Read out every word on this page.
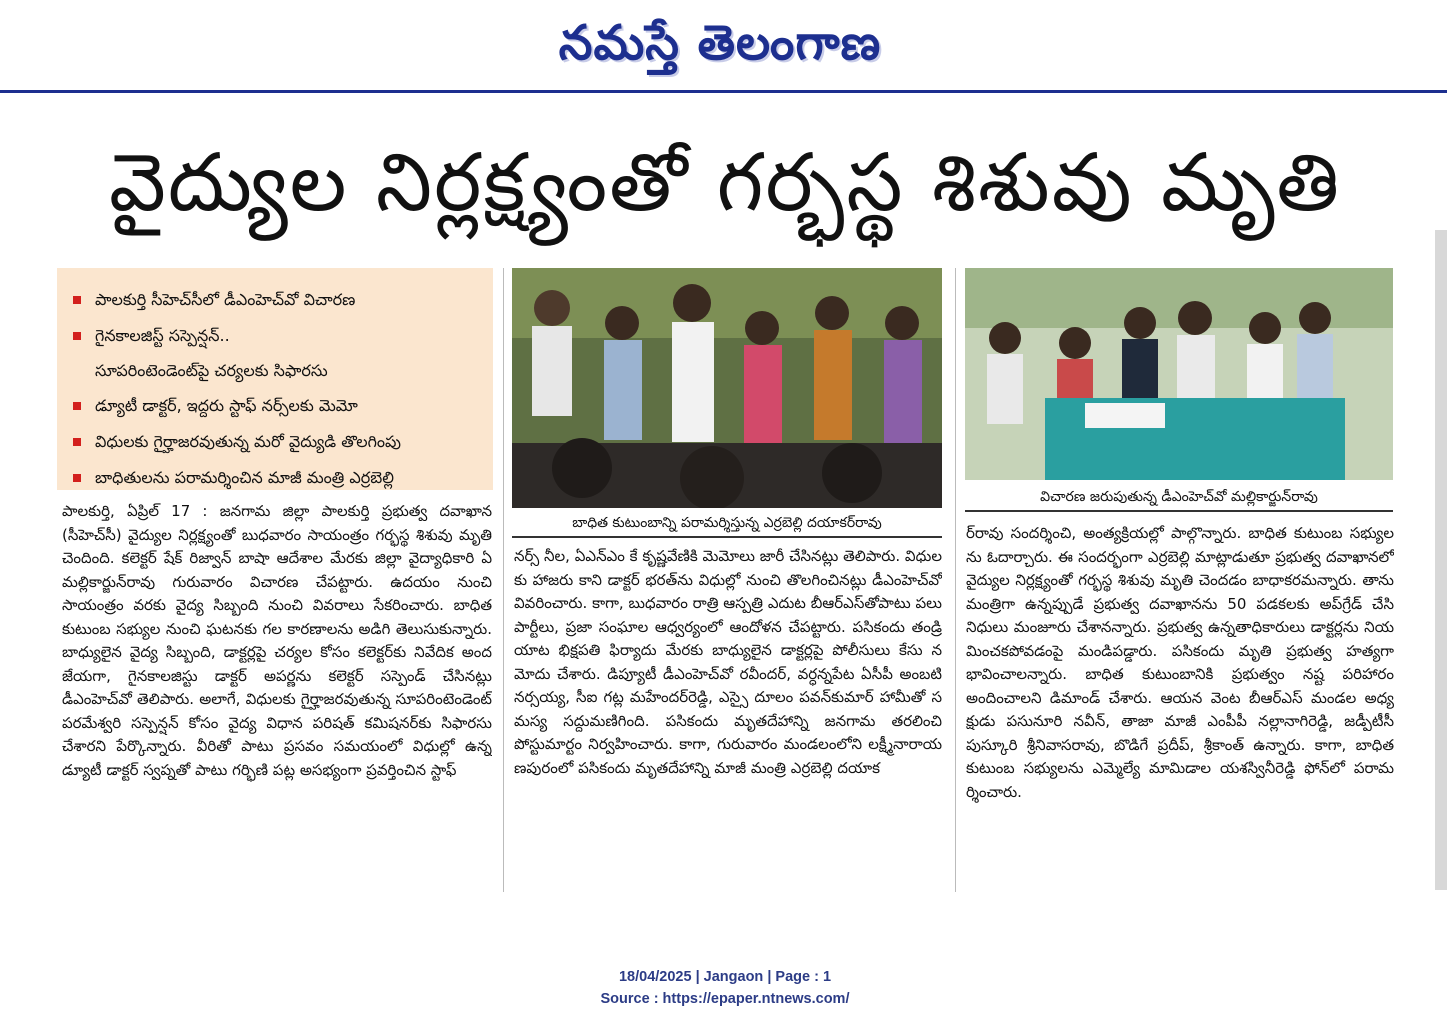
నమస్తే తెలంగాణ
వైద్యుల నిర్లక్ష్యంతో గర్భస్థ శిశువు మృతి
పాలకుర్తి సీహెచ్‌సీలో డీఎంహెచ్‌వో విచారణ
గైనకాలజిస్ట్ సస్పెన్షన్..
సూపరింటెండెంట్‌పై చర్యలకు సిఫారసు
డ్యూటీ డాక్టర్, ఇద్దరు స్టాఫ్ నర్స్‌లకు మెమో
విధులకు గైర్హాజరవుతున్న మరో వైద్యుడి తొలగింపు
బాధితులను పరామర్శించిన మాజీ మంత్రి ఎర్రబెల్లి
పాలకుర్తి, ఏప్రిల్ 17 : జనగామ జిల్లా పాలకుర్తి ప్రభుత్వ దవాఖాన (సీహెచ్‌సీ) వైద్యుల నిర్లక్ష్యంతో బుధవారం సాయంత్రం గర్భస్థ శిశువు మృతి చెందింది. కలెక్టర్ షేక్ రిజ్వాన్ బాషా ఆదేశాల మేరకు జిల్లా వైద్యాధికారి ఏ మల్లికార్జున్‌రావు గురువారం విచారణ చేపట్టారు. ఉదయం నుంచి సాయంత్రం వరకు వైద్య సిబ్బంది నుంచి వివరాలు సేకరించారు. బాధిత కుటుంబ సభ్యుల నుంచి ఘటనకు గల కారణాలను అడిగి తెలుసుకున్నారు. బాధ్యులైన వైద్య సిబ్బంది, డాక్టర్లపై చర్యల కోసం కలెక్టర్‌కు నివేదిక అందజేయగా, గైనకాలజిస్టు డాక్టర్ అపర్ణను కలెక్టర్ సస్పెండ్ చేసినట్లు డీఎంహెచ్‌వో తెలిపారు. అలాగే, విధులకు గైర్హాజరవుతున్న సూపరింటెండెంట్ పరమేశ్వరి సస్పెన్షన్ కోసం వైద్య విధాన పరిషత్ కమిషనర్‌కు సిఫారసు చేశారని పేర్కొన్నారు. వీరితో పాటు ప్రసవం సమయంలో విధుల్లో ఉన్న డ్యూటీ డాక్టర్ స్వప్నతో పాటు గర్భిణి పట్ల అసభ్యంగా ప్రవర్తించిన స్టాఫ్
బాధిత కుటుంబాన్ని పరామర్శిస్తున్న ఎర్రబెల్లి దయాకర్‌రావు
నర్స్ నీల, ఏఎన్‌ఎం కే కృష్ణవేణికి మెమోలు జారీ చేసినట్లు తెలిపారు. విధులకు హాజరు కాని డాక్టర్ భరత్‌ను విధుల్లో నుంచి తొలగించినట్లు డీఎంహెచ్‌వో వివరించారు. కాగా, బుధవారం రాత్రి ఆస్పత్రి ఎదుట బీఆర్‌ఎస్‌తోపాటు పలు పార్టీలు, ప్రజా సంఘాల ఆధ్వర్యంలో ఆందోళన చేపట్టారు. పసికందు తండ్రి యాట భిక్షపతి ఫిర్యాదు మేరకు బాధ్యులైన డాక్టర్లపై పోలీసులు కేసు నమోదు చేశారు. డిప్యూటీ డీఎంహెచ్‌వో రవీందర్, వర్ధన్నపేట ఏసీపీ అంబటి నర్సయ్య, సీఐ గట్ల మహేందర్‌రెడ్డి, ఎస్సై దూలం పవన్‌కుమార్ హామీతో సమస్య సద్దుమణిగింది. పసికందు మృతదేహాన్ని జనగామ తరలించి పోస్టుమార్టం నిర్వహించారు. కాగా, గురువారం మండలంలోని లక్ష్మీనారాయణపురంలో పసికందు మృతదేహాన్ని మాజీ మంత్రి ఎర్రబెల్లి దయాక
విచారణ జరుపుతున్న డీఎంహెచ్‌వో మల్లికార్జున్‌రావు
ర్‌రావు సందర్శించి, అంత్యక్రియల్లో పాల్గొన్నారు. బాధిత కుటుంబ సభ్యులను ఓదార్చారు. ఈ సందర్భంగా ఎర్రబెల్లి మాట్లాడుతూ ప్రభుత్వ దవాఖానలో వైద్యుల నిర్లక్ష్యంతో గర్భస్థ శిశువు మృతి చెందడం బాధాకరమన్నారు. తాను మంత్రిగా ఉన్నప్పుడే ప్రభుత్వ దవాఖానను 50 పడకలకు అప్‌గ్రేడ్ చేసి నిధులు మంజూరు చేశానన్నారు. ప్రభుత్వ ఉన్నతాధికారులు డాక్టర్లను నియమించకపోవడంపై మండిపడ్డారు. పసికందు మృతి ప్రభుత్వ హత్యగా భావించాలన్నారు. బాధిత కుటుంబానికి ప్రభుత్వం నష్ట పరిహారం అందించాలని డిమాండ్ చేశారు. ఆయన వెంట బీఆర్‌ఎస్ మండల అధ్యక్షుడు పసునూరి నవీన్, తాజా మాజీ ఎంపీపీ నల్లానాగిరెడ్డి, జడ్పీటీసీ పుస్కూరి శ్రీనివాసరావు, బొడిగే ప్రదీప్, శ్రీకాంత్ ఉన్నారు. కాగా, బాధిత కుటుంబ సభ్యులను ఎమ్మెల్యే మామిడాల యశస్వినీరెడ్డి ఫోన్‌లో పరామర్శించారు.
18/04/2025 | Jangaon | Page : 1
Source : https://epaper.ntnews.com/
